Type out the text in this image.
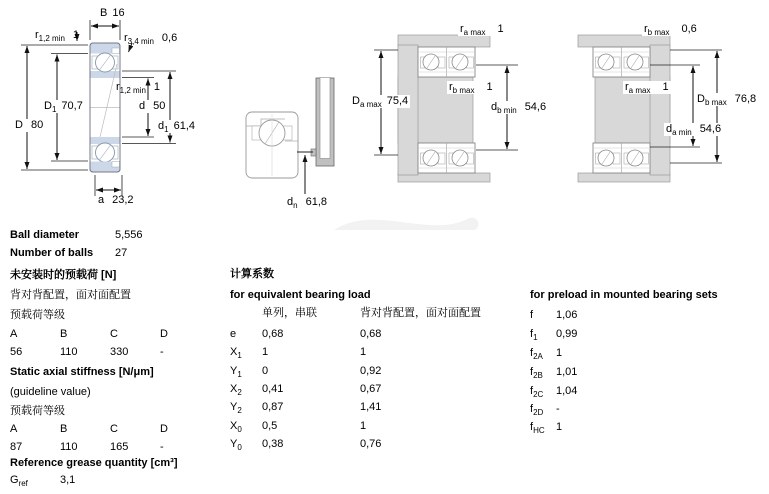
B 16
$r_{1,2 min}$ 1	$r_{3,4 min}$ 0,6
$D_1$ 70,7
D 80
$r_{1,2 min}$ 1
d 50
$d_1$ 61,4
a 23,2	$d_n$ 61,8
$r_{a max}$ 1
$D_{a max}$ 75,4
$r_{b max}$ 1
$d_{b min}$ 54,6
$r_{b max}$ 0,6
$r_{a max}$ 1
$D_{b max}$ 76,8
$d_{a min}$ 54,6
Ball diameter	5,556
Number of balls 27
未安装时的预载荷 [N]
背对背配置，面对面配置
预载荷等级
A	B	C	D
56	110	330	-
Static axial stiffness [N/μm]
(guideline value)
预载荷等级
A	B	C	D
87	110	165	-
Reference grease quantity [cm³]
$G_{ref}$	3,1
计算系数
for equivalent bearing load
单列，串联	背对背配置，面对面配置
e 0,68	0,68
$X_1$ 1	1
$Y_1$ 0	0,92
$X_2$ 0,41	0,67
$Y_2$ 0,87	1,41
$X_0$ 0,5	1
$Y_0$ 0,38	0,76
for preload in mounted bearing sets
f 1,06
$f_1$ 0,99
$f_{2A}$ 1
$f_{2B}$ 1,01
$f_{2C}$ 1,04
$f_{2D}$ -
$f_{HC}$ 1
